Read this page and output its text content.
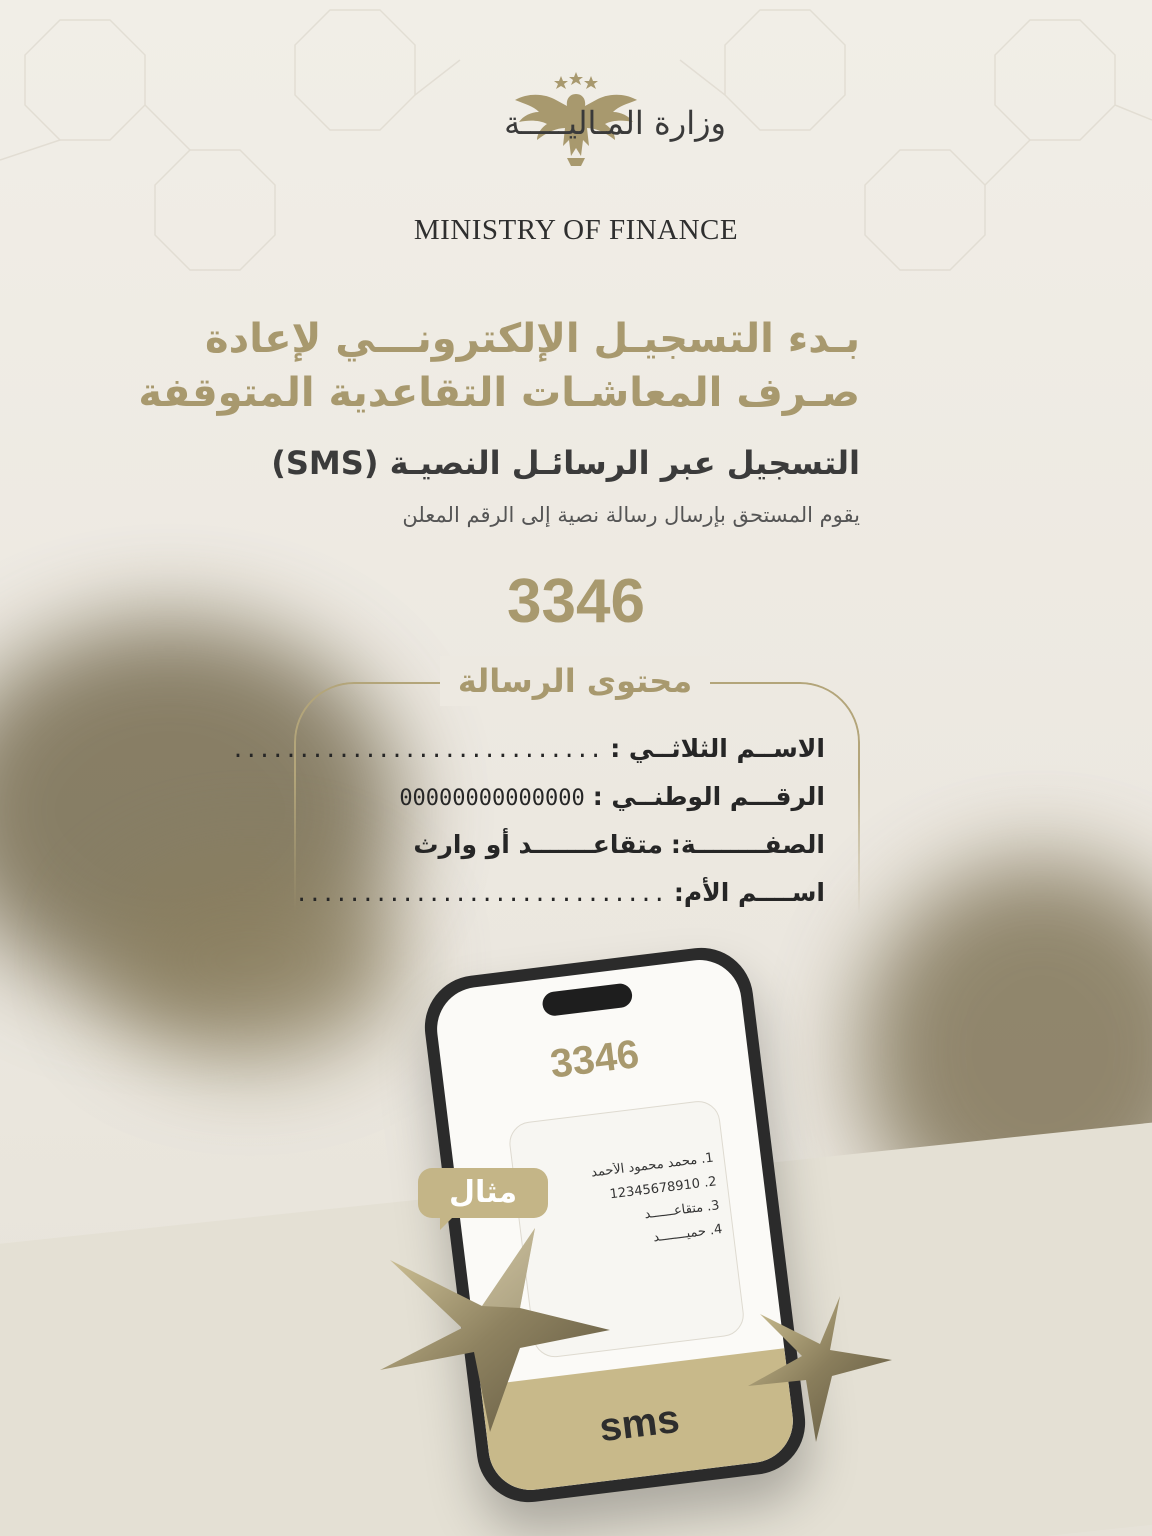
وزارة المـاليـــــة
MINISTRY OF FINANCE
بـدء التسجيـل الإلكترونـــي لإعادة
صـرف المعاشـات التقاعدية المتوقفة
التسجيل عبر الرسائـل النصيـة (SMS)
يقوم المستحق بإرسال رسالة نصية إلى الرقم المعلن
3346
محتوى الرسالة
الاســم الثلاثــي : ............................
الرقـــم الوطنــي : 00000000000000
الصفــــــــة: متقاعـــــــد أو وارث
اســــم الأم: ............................
3346
1. محمد محمود الأحمد
2. 12345678910
3. متقاعــــــد
4. حميـــــــد
sms
مثال
